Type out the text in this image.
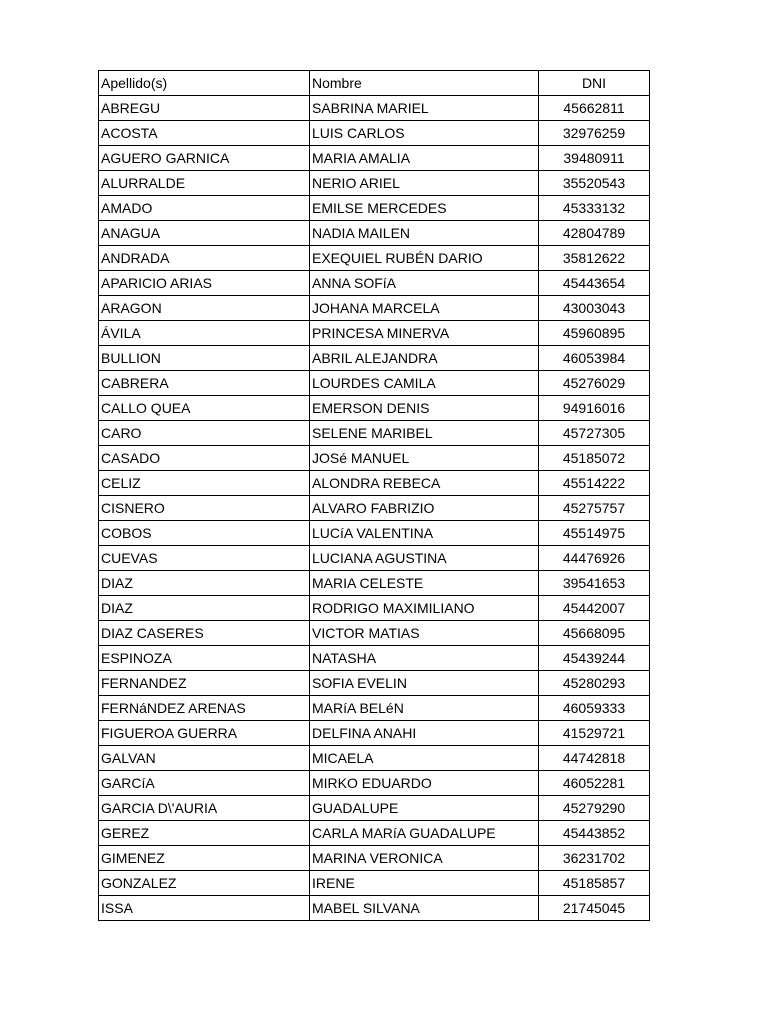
Apellido(s)	Nombre	DNI
ABREGU	SABRINA MARIEL	45662811
ACOSTA	LUIS CARLOS	32976259
AGUERO GARNICA	MARIA AMALIA	39480911
ALURRALDE	NERIO ARIEL	35520543
AMADO	EMILSE MERCEDES	45333132
ANAGUA	NADIA MAILEN	42804789
ANDRADA	EXEQUIEL RUBÉN DARIO	35812622
APARICIO ARIAS	ANNA SOFíA	45443654
ARAGON	JOHANA MARCELA	43003043
ÁVILA	PRINCESA MINERVA	45960895
BULLION	ABRIL ALEJANDRA	46053984
CABRERA	LOURDES CAMILA	45276029
CALLO QUEA	EMERSON DENIS	94916016
CARO	SELENE MARIBEL	45727305
CASADO	JOSé MANUEL	45185072
CELIZ	ALONDRA REBECA	45514222
CISNERO	ALVARO FABRIZIO	45275757
COBOS	LUCíA VALENTINA	45514975
CUEVAS	LUCIANA AGUSTINA	44476926
DIAZ	MARIA CELESTE	39541653
DIAZ	RODRIGO MAXIMILIANO	45442007
DIAZ CASERES	VICTOR MATIAS	45668095
ESPINOZA	NATASHA	45439244
FERNANDEZ	SOFIA EVELIN	45280293
FERNáNDEZ ARENAS	MARíA BELéN	46059333
FIGUEROA GUERRA	DELFINA ANAHI	41529721
GALVAN	MICAELA	44742818
GARCíA	MIRKO EDUARDO	46052281
GARCIA D\'AURIA	GUADALUPE	45279290
GEREZ	CARLA MARíA GUADALUPE	45443852
GIMENEZ	MARINA VERONICA	36231702
GONZALEZ	IRENE	45185857
ISSA	MABEL SILVANA	21745045
